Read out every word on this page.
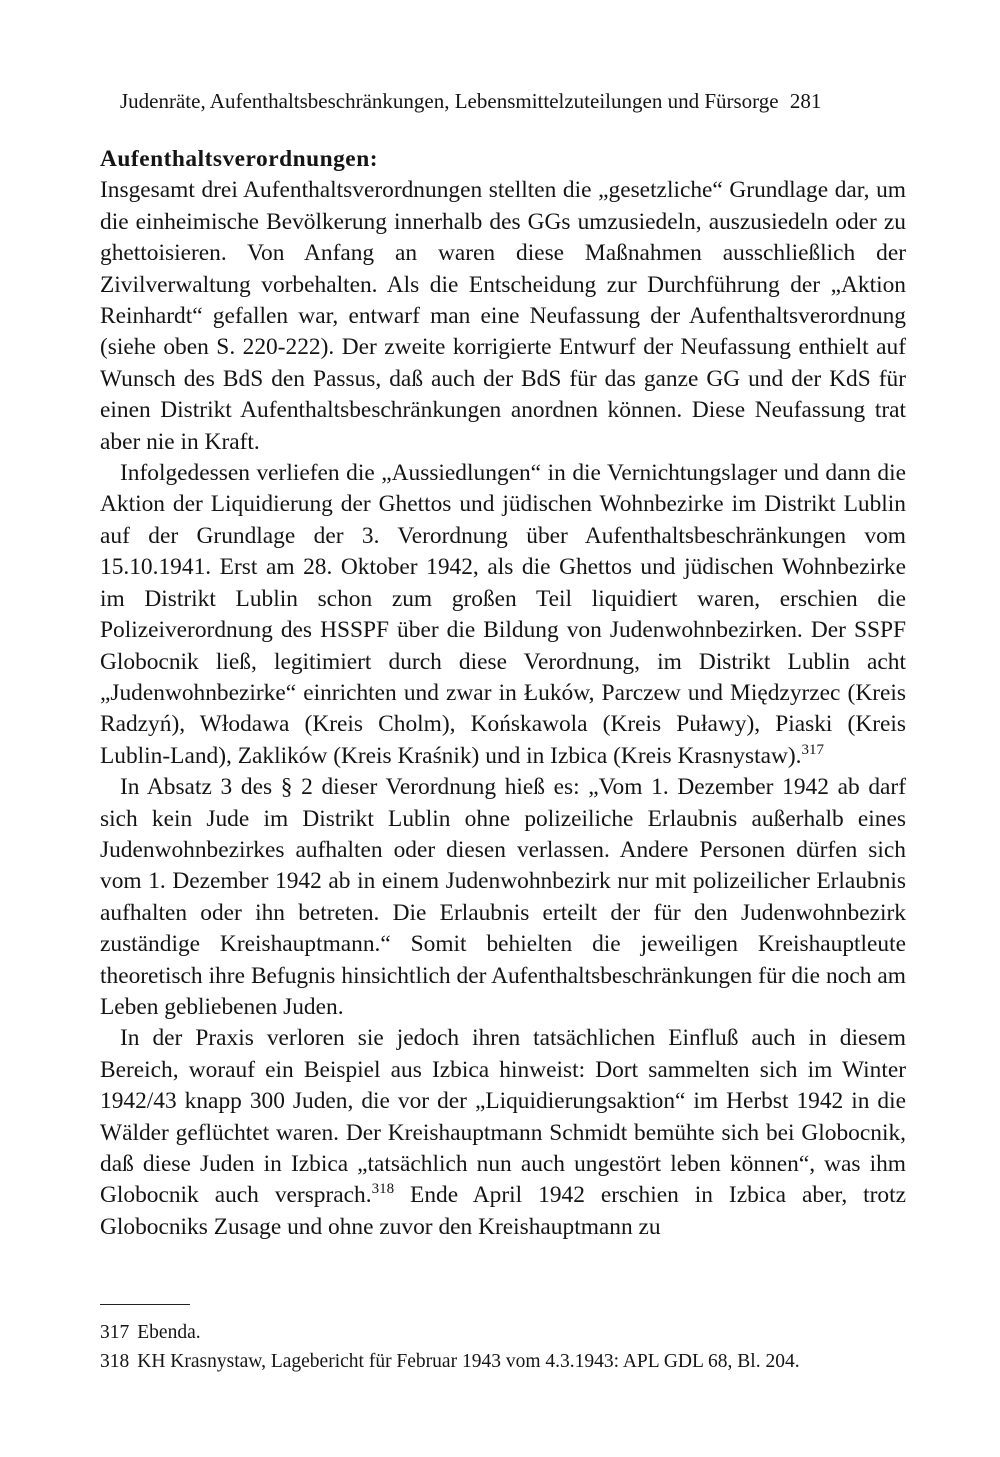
Judenräte, Aufenthaltsbeschränkungen, Lebensmittelzuteilungen und Fürsorge 281
Aufenthaltsverordnungen:

Insgesamt drei Aufenthaltsverordnungen stellten die „gesetzliche“ Grundlage dar, um die einheimische Bevölkerung innerhalb des GGs umzusiedeln, auszusiedeln oder zu ghettoisieren. Von Anfang an waren diese Maßnahmen ausschließlich der Zivilverwaltung vorbehalten. Als die Entscheidung zur Durchführung der „Aktion Reinhardt“ gefallen war, entwarf man eine Neufassung der Aufenthaltsverordnung (siehe oben S. 220-222). Der zweite korrigierte Entwurf der Neufassung enthielt auf Wunsch des BdS den Passus, daß auch der BdS für das ganze GG und der KdS für einen Distrikt Aufenthaltsbeschränkungen anordnen können. Diese Neufassung trat aber nie in Kraft.

Infolgedessen verliefen die „Aussiedlungen“ in die Vernichtungslager und dann die Aktion der Liquidierung der Ghettos und jüdischen Wohnbezirke im Distrikt Lublin auf der Grundlage der 3. Verordnung über Aufenthaltsbeschränkungen vom 15.10.1941. Erst am 28. Oktober 1942, als die Ghettos und jüdischen Wohnbezirke im Distrikt Lublin schon zum großen Teil liquidiert waren, erschien die Polizeiverordnung des HSSPF über die Bildung von Judenwohnbezirken. Der SSPF Globocnik ließ, legitimiert durch diese Verordnung, im Distrikt Lublin acht „Judenwohnbezirke“ einrichten und zwar in Łuków, Parczew und Międzyrzec (Kreis Radzyń), Włodawa (Kreis Cholm), Końskawola (Kreis Puławy), Piaski (Kreis Lublin-Land), Zaklików (Kreis Kraśnik) und in Izbica (Kreis Krasnystaw).$^{317}$

In Absatz 3 des § 2 dieser Verordnung hieß es: „Vom 1. Dezember 1942 ab darf sich kein Jude im Distrikt Lublin ohne polizeiliche Erlaubnis außerhalb eines Judenwohnbezirkes aufhalten oder diesen verlassen. Andere Personen dürfen sich vom 1. Dezember 1942 ab in einem Judenwohnbezirk nur mit polizeilicher Erlaubnis aufhalten oder ihn betreten. Die Erlaubnis erteilt der für den Judenwohnbezirk zuständige Kreishauptmann.“ Somit behielten die jeweiligen Kreishauptleute theoretisch ihre Befugnis hinsichtlich der Aufenthaltsbeschränkungen für die noch am Leben gebliebenen Juden.

In der Praxis verloren sie jedoch ihren tatsächlichen Einfluß auch in diesem Bereich, worauf ein Beispiel aus Izbica hinweist: Dort sammelten sich im Winter 1942/43 knapp 300 Juden, die vor der „Liquidierungsaktion“ im Herbst 1942 in die Wälder geflüchtet waren. Der Kreishauptmann Schmidt bemühte sich bei Globocnik, daß diese Juden in Izbica „tatsächlich nun auch ungestört leben können“, was ihm Globocnik auch versprach.$^{318}$ Ende April 1942 erschien in Izbica aber, trotz Globocniks Zusage und ohne zuvor den Kreishauptmann zu

317 Ebenda.

318 KH Krasnystaw, Lagebericht für Februar 1943 vom 4.3.1943: APL GDL 68, Bl. 204.
